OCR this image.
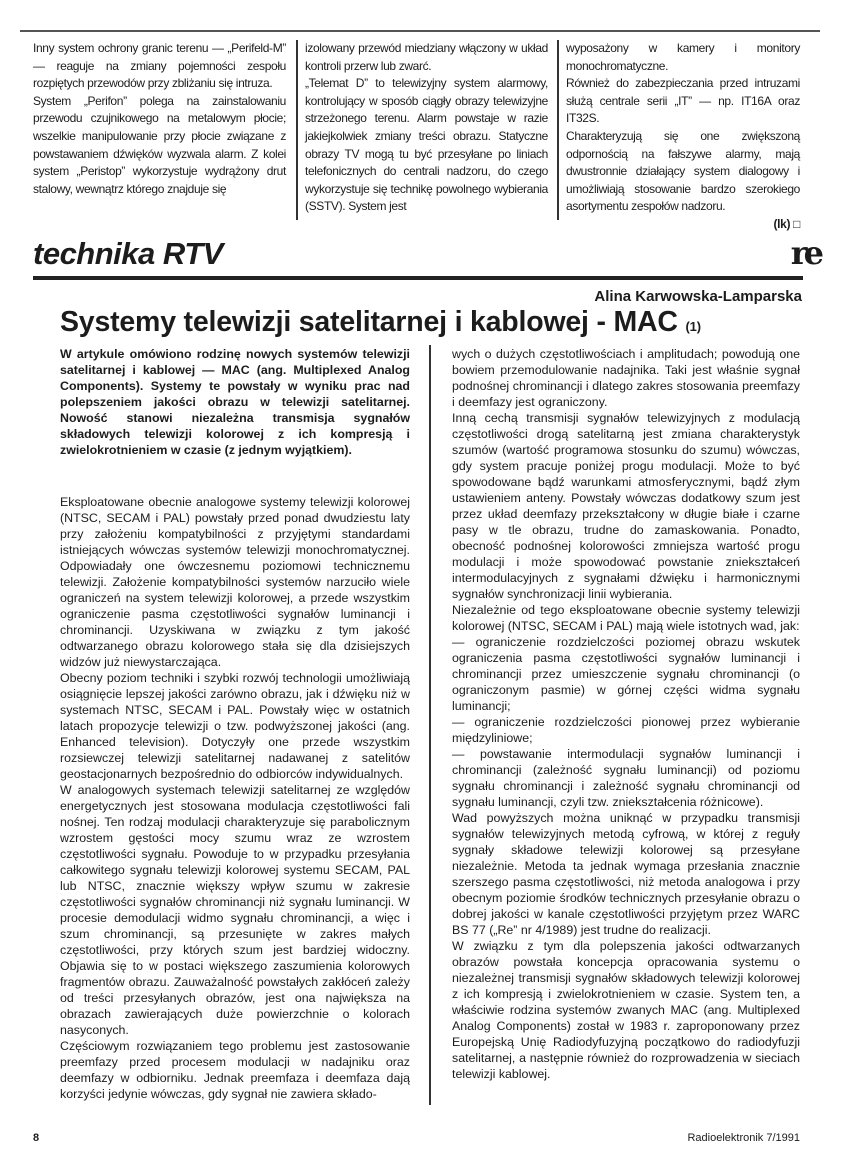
Inny system ochrony granic terenu — „Perifeld-M” — reaguje na zmiany pojemności zespołu rozpiętych przewodów przy zbliżaniu się intruza.

System „Perifon” polega na zainstalowaniu przewodu czujnikowego na metalowym płocie; wszelkie manipulowanie przy płocie związane z powstawaniem dźwięków wyzwala alarm. Z kolei system „Peristop” wykorzystuje wydrążony drut stalowy, wewnątrz którego znajduje się

izolowany przewód miedziany włączony w układ kontroli przerw lub zwarć.

„Telemat D” to telewizyjny system alarmowy, kontrolujący w sposób ciągły obrazy telewizyjne strzeżonego terenu. Alarm powstaje w razie jakiejkolwiek zmiany treści obrazu. Statyczne obrazy TV mogą tu być przesyłane po liniach telefonicznych do centrali nadzoru, do czego wykorzystuje się technikę powolnego wybierania (SSTV). System jest

wyposażony w kamery i monitory monochromatyczne.

Również do zabezpieczania przed intruzami służą centrale serii „IT” — np. IT16A oraz IT32S.

Charakteryzują się one zwiększoną odpornością na fałszywe alarmy, mają dwustronnie działający system dialogowy i umożliwiają stosowanie bardzo szerokiego asortymentu zespołów nadzoru.

(lk) □

technika RTV	re
Alina Karwowska-Lamparska
Systemy telewizji satelitarnej i kablowej - MAC (1)

W artykule omówiono rodzinę nowych systemów telewizji satelitarnej i kablowej — MAC (ang. Multiplexed Analog Components). Systemy te powstały w wyniku prac nad polepszeniem jakości obrazu w telewizji satelitarnej. Nowość stanowi niezależna transmisja sygnałów składowych telewizji kolorowej z ich kompresją i zwielokrotnieniem w czasie (z jednym wyjątkiem).

Eksploatowane obecnie analogowe systemy telewizji kolorowej (NTSC, SECAM i PAL) powstały przed ponad dwudziestu laty przy założeniu kompatybilności z przyjętymi standardami istniejących wówczas systemów telewizji monochromatycznej. Odpowiadały one ówczesnemu poziomowi technicznemu telewizji. Założenie kompatybilności systemów narzuciło wiele ograniczeń na system telewizji kolorowej, a przede wszystkim ograniczenie pasma częstotliwości sygnałów luminancji i chrominancji. Uzyskiwana w związku z tym jakość odtwarzanego obrazu kolorowego stała się dla dzisiejszych widzów już niewystarczająca.

Obecny poziom techniki i szybki rozwój technologii umożliwiają osiągnięcie lepszej jakości zarówno obrazu, jak i dźwięku niż w systemach NTSC, SECAM i PAL. Powstały więc w ostatnich latach propozycje telewizji o tzw. podwyższonej jakości (ang. Enhanced television). Dotyczyły one przede wszystkim rozsiewczej telewizji satelitarnej nadawanej z satelitów geostacjonarnych bezpośrednio do odbiorców indywidualnych.

W analogowych systemach telewizji satelitarnej ze względów energetycznych jest stosowana modulacja częstotliwości fali nośnej. Ten rodzaj modulacji charakteryzuje się parabolicznym wzrostem gęstości mocy szumu wraz ze wzrostem częstotliwości sygnału. Powoduje to w przypadku przesyłania całkowitego sygnału telewizji kolorowej systemu SECAM, PAL lub NTSC, znacznie większy wpływ szumu w zakresie częstotliwości sygnałów chrominancji niż sygnału luminancji. W procesie demodulacji widmo sygnału chrominancji, a więc i szum chrominancji, są przesunięte w zakres małych częstotliwości, przy których szum jest bardziej widoczny. Objawia się to w postaci większego zaszumienia kolorowych fragmentów obrazu. Zauważalność powstałych zakłóceń zależy od treści przesyłanych obrazów, jest ona największa na obrazach zawierających duże powierzchnie o kolorach nasyconych.

Częściowym rozwiązaniem tego problemu jest zastosowanie preemfazy przed procesem modulacji w nadajniku oraz deemfazy w odbiorniku. Jednak preemfaza i deemfaza dają korzyści jedynie wówczas, gdy sygnał nie zawiera składo-

wych o dużych częstotliwościach i amplitudach; powodują one bowiem przemodulowanie nadajnika. Taki jest właśnie sygnał podnośnej chrominancji i dlatego zakres stosowania preemfazy i deemfazy jest ograniczony.

Inną cechą transmisji sygnałów telewizyjnych z modulacją częstotliwości drogą satelitarną jest zmiana charakterystyk szumów (wartość programowa stosunku do szumu) wówczas, gdy system pracuje poniżej progu modulacji. Może to być spowodowane bądź warunkami atmosferycznymi, bądź złym ustawieniem anteny. Powstały wówczas dodatkowy szum jest przez układ deemfazy przekształcony w długie białe i czarne pasy w tle obrazu, trudne do zamaskowania. Ponadto, obecność podnośnej kolorowości zmniejsza wartość progu modulacji i może spowodować powstanie zniekształceń intermodulacyjnych z sygnałami dźwięku i harmonicznymi sygnałów synchronizacji linii wybierania.

Niezależnie od tego eksploatowane obecnie systemy telewizji kolorowej (NTSC, SECAM i PAL) mają wiele istotnych wad, jak:

— ograniczenie rozdzielczości poziomej obrazu wskutek ograniczenia pasma częstotliwości sygnałów luminancji i chrominancji przez umieszczenie sygnału chrominancji (o ograniczonym pasmie) w górnej części widma sygnału luminancji;

— ograniczenie rozdzielczości pionowej przez wybieranie międzyliniowe;

— powstawanie intermodulacji sygnałów luminancji i chrominancji (zależność sygnału luminancji) od poziomu sygnału chrominancji i zależność sygnału chrominancji od sygnału luminancji, czyli tzw. zniekształcenia różnicowe).

Wad powyższych można uniknąć w przypadku transmisji sygnałów telewizyjnych metodą cyfrową, w której z reguły sygnały składowe telewizji kolorowej są przesyłane niezależnie. Metoda ta jednak wymaga przesłania znacznie szerszego pasma częstotliwości, niż metoda analogowa i przy obecnym poziomie środków technicznych przesyłanie obrazu o dobrej jakości w kanale częstotliwości przyjętym przez WARC BS 77 („Re” nr 4/1989) jest trudne do realizacji.

W związku z tym dla polepszenia jakości odtwarzanych obrazów powstała koncepcja opracowania systemu o niezależnej transmisji sygnałów składowych telewizji kolorowej z ich kompresją i zwielokrotnieniem w czasie. System ten, a właściwie rodzina systemów zwanych MAC (ang. Multiplexed Analog Components) został w 1983 r. zaproponowany przez Europejską Unię Radiodyfuzyjną początkowo do radiodyfuzji satelitarnej, a następnie również do rozprowadzenia w sieciach telewizji kablowej.

8	Radioelektronik 7/1991
